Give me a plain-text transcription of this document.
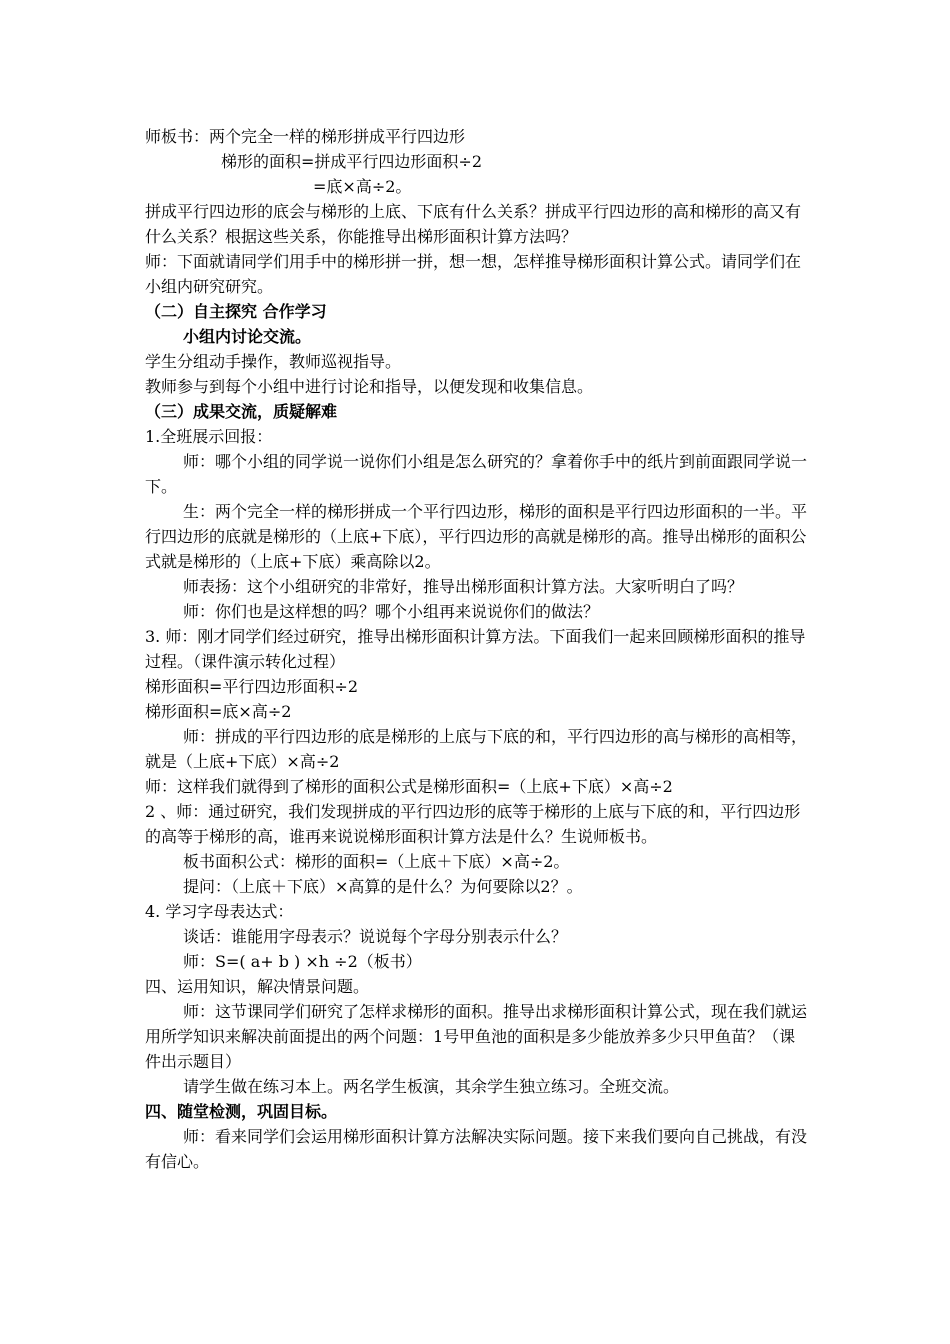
师板书：两个完全一样的梯形拼成平行四边形

梯形的面积=拼成平行四边形面积÷2

=底×高÷2。

拼成平行四边形的底会与梯形的上底、下底有什么关系？拼成平行四边形的高和梯形的高又有什么关系？根据这些关系，你能推导出梯形面积计算方法吗？

师：下面就请同学们用手中的梯形拼一拼，想一想，怎样推导梯形面积计算公式。请同学们在小组内研究研究。

（二）自主探究 合作学习

小组内讨论交流。

学生分组动手操作，教师巡视指导。

教师参与到每个小组中进行讨论和指导，以便发现和收集信息。

（三）成果交流，质疑解难

1.全班展示回报：

师：哪个小组的同学说一说你们小组是怎么研究的？拿着你手中的纸片到前面跟同学说一下。

生：两个完全一样的梯形拼成一个平行四边形，梯形的面积是平行四边形面积的一半。平行四边形的底就是梯形的（上底+下底），平行四边形的高就是梯形的高。推导出梯形的面积公式就是梯形的（上底+下底）乘高除以2。

师表扬：这个小组研究的非常好，推导出梯形面积计算方法。大家听明白了吗？

师：你们也是这样想的吗？哪个小组再来说说你们的做法？

3. 师：刚才同学们经过研究，推导出梯形面积计算方法。下面我们一起来回顾梯形面积的推导过程。（课件演示转化过程）

梯形面积=平行四边形面积÷2

梯形面积=底×高÷2

师：拼成的平行四边形的底是梯形的上底与下底的和，平行四边形的高与梯形的高相等，就是（上底+下底）×高÷2

师：这样我们就得到了梯形的面积公式是梯形面积=（上底+下底）×高÷2

2 、师：通过研究，我们发现拼成的平行四边形的底等于梯形的上底与下底的和，平行四边形的高等于梯形的高，谁再来说说梯形面积计算方法是什么？生说师板书。

板书面积公式：梯形的面积=（上底＋下底）×高÷2。

提问：（上底＋下底）×高算的是什么？为何要除以2？。

4. 学习字母表达式：

谈话：谁能用字母表示？说说每个字母分别表示什么？

师：S=( a+ b ) ×h ÷2（板书）

四、运用知识，解决情景问题。

师：这节课同学们研究了怎样求梯形的面积。推导出求梯形面积计算公式，现在我们就运用所学知识来解决前面提出的两个问题：1号甲鱼池的面积是多少能放养多少只甲鱼苗？（课件出示题目）

请学生做在练习本上。两名学生板演，其余学生独立练习。全班交流。

四、随堂检测，巩固目标。

师：看来同学们会运用梯形面积计算方法解决实际问题。接下来我们要向自己挑战，有没有信心。
